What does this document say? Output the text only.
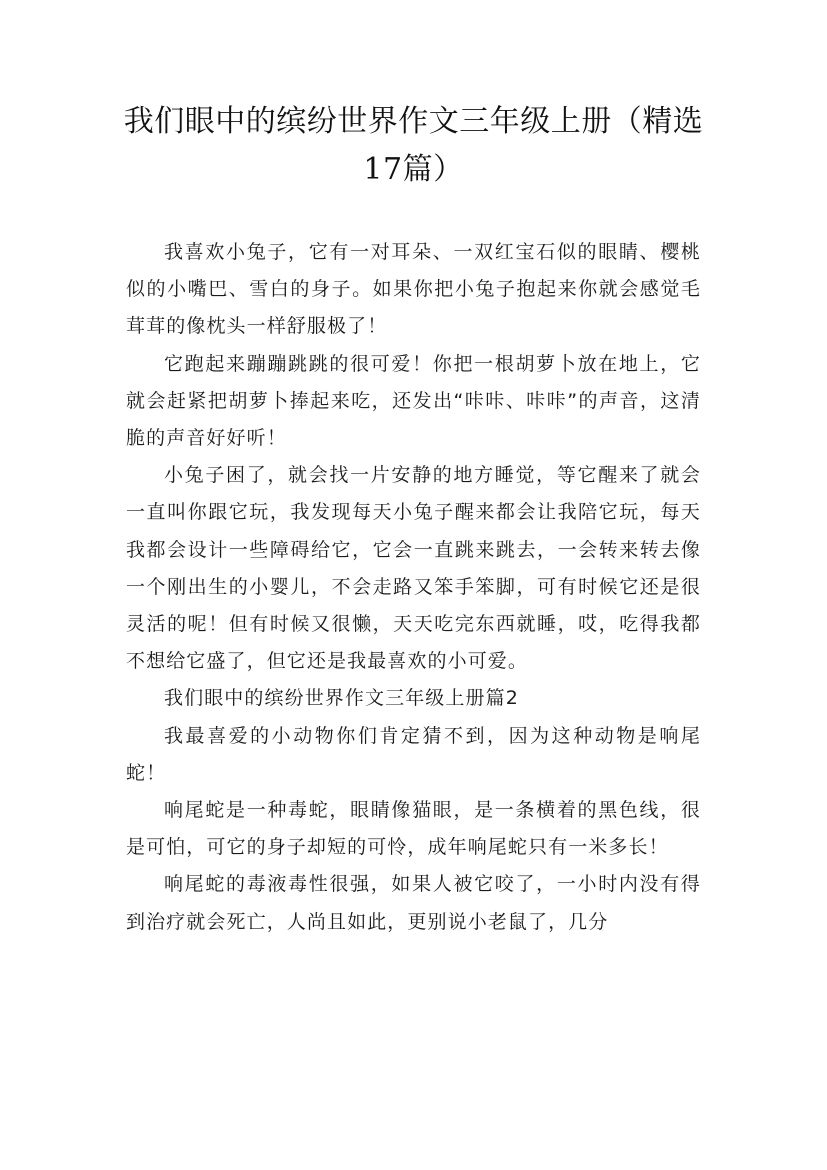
我们眼中的缤纷世界作文三年级上册（精选17篇）

我喜欢小兔子，它有一对耳朵、一双红宝石似的眼睛、樱桃似的小嘴巴、雪白的身子。如果你把小兔子抱起来你就会感觉毛茸茸的像枕头一样舒服极了！

它跑起来蹦蹦跳跳的很可爱！你把一根胡萝卜放在地上，它就会赶紧把胡萝卜捧起来吃，还发出“咔咔、咔咔”的声音，这清脆的声音好好听！

小兔子困了，就会找一片安静的地方睡觉，等它醒来了就会一直叫你跟它玩，我发现每天小兔子醒来都会让我陪它玩，每天我都会设计一些障碍给它，它会一直跳来跳去，一会转来转去像一个刚出生的小婴儿，不会走路又笨手笨脚，可有时候它还是很灵活的呢！但有时候又很懒，天天吃完东西就睡，哎，吃得我都不想给它盛了，但它还是我最喜欢的小可爱。

我们眼中的缤纷世界作文三年级上册篇2

我最喜爱的小动物你们肯定猜不到，因为这种动物是响尾蛇！

响尾蛇是一种毒蛇，眼睛像猫眼，是一条横着的黑色线，很是可怕，可它的身子却短的可怜，成年响尾蛇只有一米多长！

响尾蛇的毒液毒性很强，如果人被它咬了，一小时内没有得到治疗就会死亡，人尚且如此，更别说小老鼠了，几分
